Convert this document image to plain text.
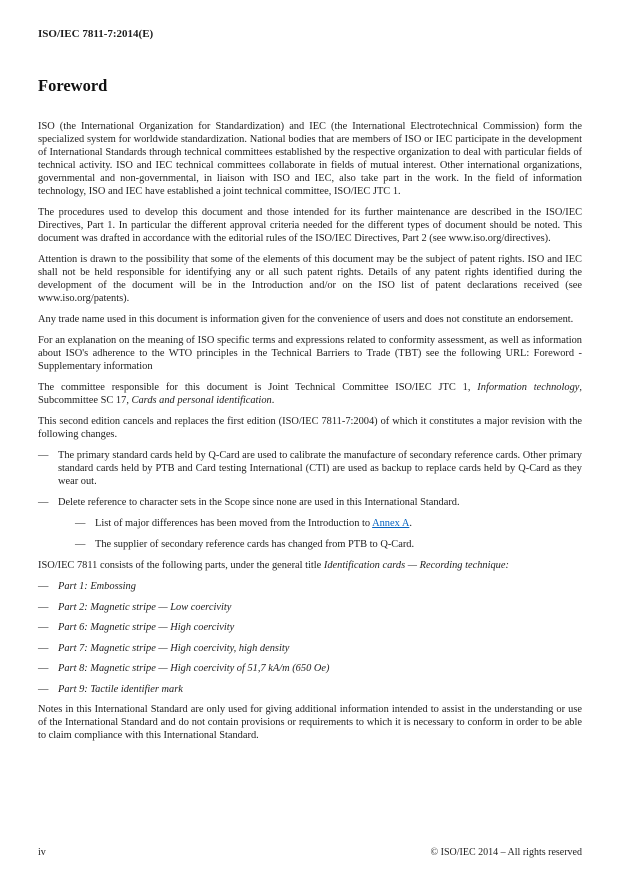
ISO/IEC 7811-7:2014(E)
Foreword

ISO (the International Organization for Standardization) and IEC (the International Electrotechnical Commission) form the specialized system for worldwide standardization. National bodies that are members of ISO or IEC participate in the development of International Standards through technical committees established by the respective organization to deal with particular fields of technical activity. ISO and IEC technical committees collaborate in fields of mutual interest. Other international organizations, governmental and non-governmental, in liaison with ISO and IEC, also take part in the work. In the field of information technology, ISO and IEC have established a joint technical committee, ISO/IEC JTC 1.

The procedures used to develop this document and those intended for its further maintenance are described in the ISO/IEC Directives, Part 1. In particular the different approval criteria needed for the different types of document should be noted. This document was drafted in accordance with the editorial rules of the ISO/IEC Directives, Part 2 (see www.iso.org/directives).

Attention is drawn to the possibility that some of the elements of this document may be the subject of patent rights. ISO and IEC shall not be held responsible for identifying any or all such patent rights. Details of any patent rights identified during the development of the document will be in the Introduction and/or on the ISO list of patent declarations received (see www.iso.org/patents).

Any trade name used in this document is information given for the convenience of users and does not constitute an endorsement.

For an explanation on the meaning of ISO specific terms and expressions related to conformity assessment, as well as information about ISO's adherence to the WTO principles in the Technical Barriers to Trade (TBT) see the following URL: Foreword - Supplementary information

The committee responsible for this document is Joint Technical Committee ISO/IEC JTC 1, Information technology, Subcommittee SC 17, Cards and personal identification.

This second edition cancels and replaces the first edition (ISO/IEC 7811-7:2004) of which it constitutes a major revision with the following changes.

— The primary standard cards held by Q-Card are used to calibrate the manufacture of secondary reference cards. Other primary standard cards held by PTB and Card testing International (CTI) are used as backup to replace cards held by Q-Card as they wear out.
— Delete reference to character sets in the Scope since none are used in this International Standard.
— List of major differences has been moved from the Introduction to Annex A.
— The supplier of secondary reference cards has changed from PTB to Q-Card.

ISO/IEC 7811 consists of the following parts, under the general title Identification cards — Recording technique:

— Part 1: Embossing
— Part 2: Magnetic stripe — Low coercivity
— Part 6: Magnetic stripe — High coercivity
— Part 7: Magnetic stripe — High coercivity, high density
— Part 8: Magnetic stripe — High coercivity of 51,7 kA/m (650 Oe)
— Part 9: Tactile identifier mark

Notes in this International Standard are only used for giving additional information intended to assist in the understanding or use of the International Standard and do not contain provisions or requirements to which it is necessary to conform in order to be able to claim compliance with this International Standard.

iv	© ISO/IEC 2014 – All rights reserved
